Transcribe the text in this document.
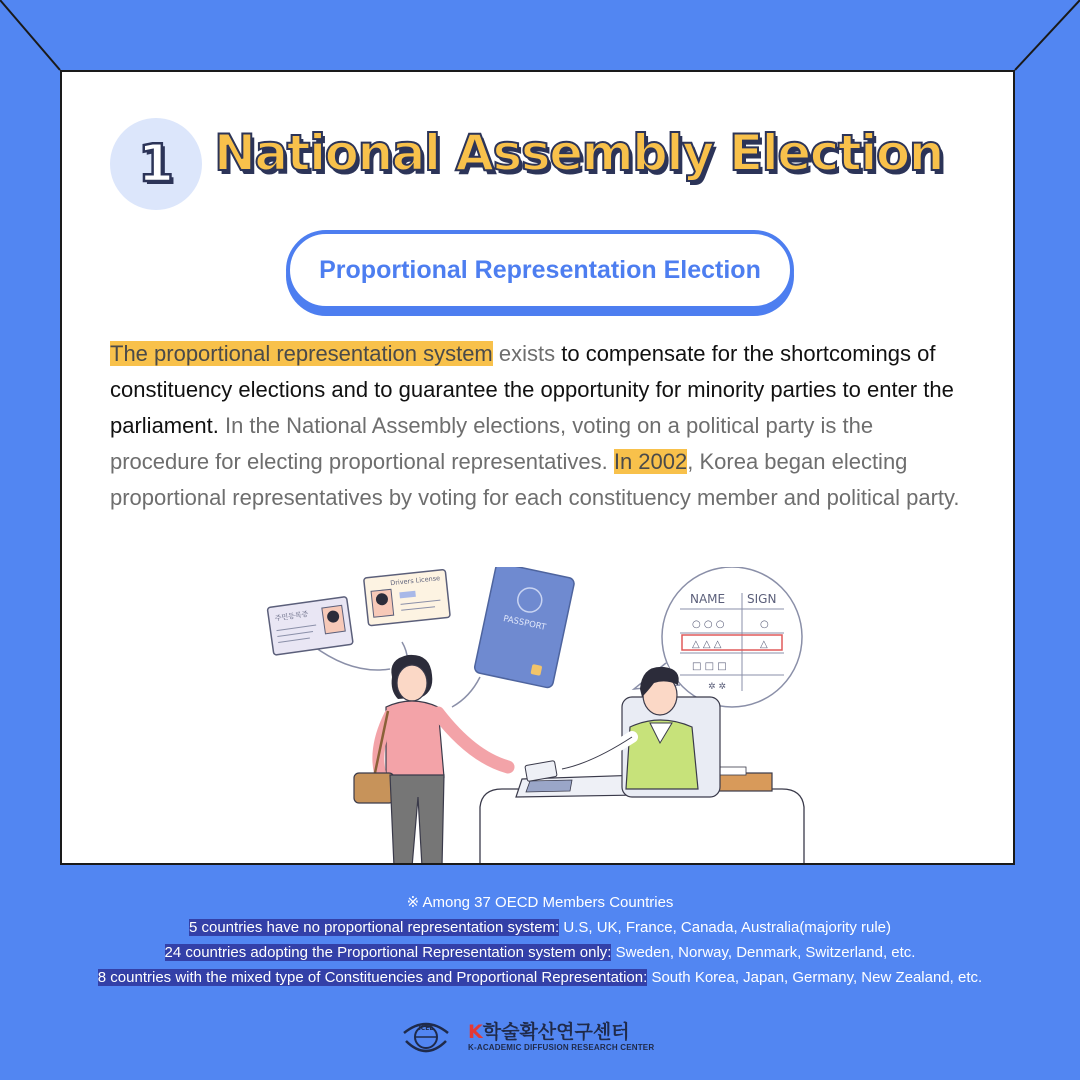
1 National Assembly Election
Proportional Representation Election

The proportional representation system exists to compensate for the shortcomings of constituency elections and to guarantee the opportunity for minority parties to enter the parliament. In the National Assembly elections, voting on a political party is the procedure for electing proportional representatives. In 2002, Korea began electing proportional representatives by voting for each constituency member and political party.

주민등록증
Drivers License
PASSPORT
NAME SIGN
○ ○ ○	○
△ △ △	△
□ □ □
✲ ✲
※ Among 37 OECD Members Countries
5 countries have no proportional representation system: U.S, UK, France, Canada, Australia(majority rule)
24 countries adopting the Proportional Representation system only: Sweden, Norway, Denmark, Switzerland, etc.
8 countries with the mixed type of Constituencies and Proportional Representation: South Korea, Japan, Germany, New Zealand, etc.
ICEE K학술확산연구센터
K-ACADEMIC DIFFUSION RESEARCH CENTER
